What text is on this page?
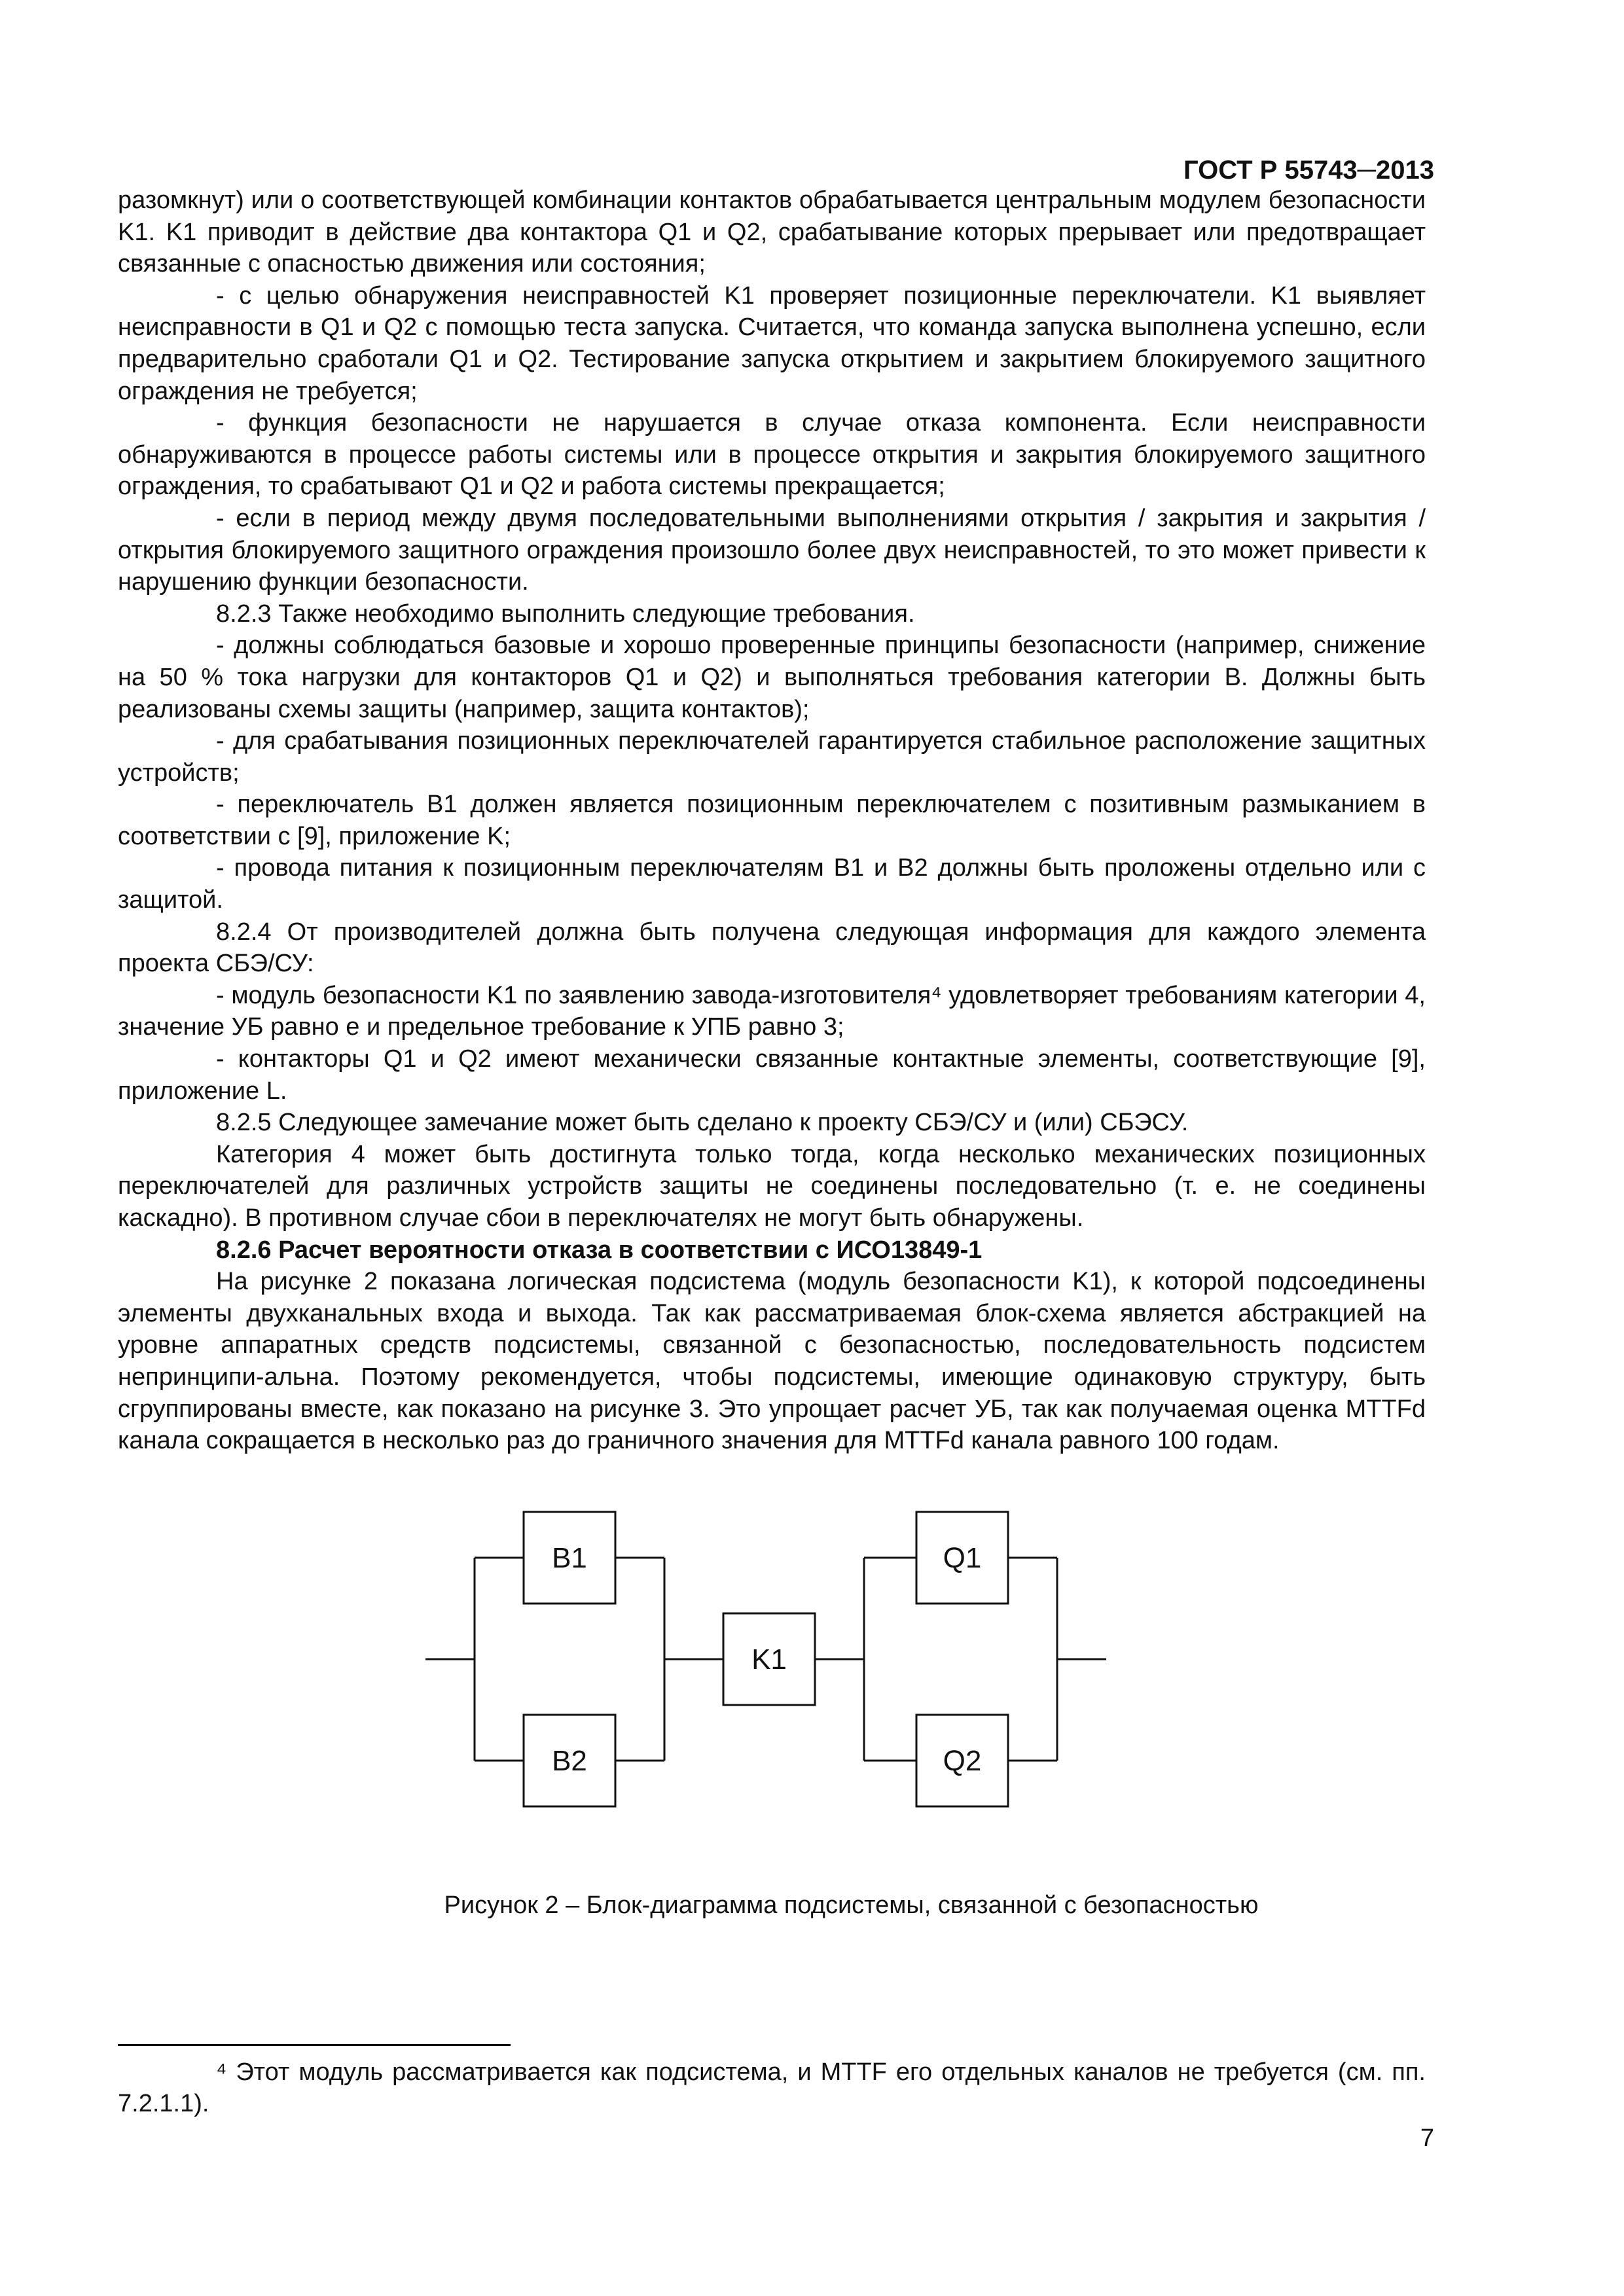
ГОСТ Р 55743─2013

разомкнут) или о соответствующей комбинации контактов обрабатывается центральным модулем безопасности K1. K1 приводит в действие два контактора Q1 и Q2, срабатывание которых прерывает или предотвращает связанные с опасностью движения или состояния;

- с целью обнаружения неисправностей K1 проверяет позиционные переключатели. K1 выявляет неисправности в Q1 и Q2 с помощью теста запуска. Считается, что команда запуска выполнена успешно, если предварительно сработали Q1 и Q2. Тестирование запуска открытием и закрытием блокируемого защитного ограждения не требуется;

- функция безопасности не нарушается в случае отказа компонента. Если неисправности обнаруживаются в процессе работы системы или в процессе открытия и закрытия блокируемого защитного ограждения, то срабатывают Q1 и Q2 и работа системы прекращается;

- если в период между двумя последовательными выполнениями открытия / закрытия и закрытия / открытия блокируемого защитного ограждения произошло более двух неисправностей, то это может привести к нарушению функции безопасности.

8.2.3 Также необходимо выполнить следующие требования.

- должны соблюдаться базовые и хорошо проверенные принципы безопасности (например, снижение на 50 % тока нагрузки для контакторов Q1 и Q2) и выполняться требования категории B. Должны быть реализованы схемы защиты (например, защита контактов);

- для срабатывания позиционных переключателей гарантируется стабильное расположение защитных устройств;

- переключатель B1 должен является позиционным переключателем с позитивным размыканием в соответствии с [9], приложение K;

- провода питания к позиционным переключателям B1 и B2 должны быть проложены отдельно или с защитой.

8.2.4 От производителей должна быть получена следующая информация для каждого элемента проекта СБЭ/СУ:

- модуль безопасности K1 по заявлению завода-изготовителя⁴ удовлетворяет требованиям категории 4, значение УБ равно e и предельное требование к УПБ равно 3;

- контакторы Q1 и Q2 имеют механически связанные контактные элементы, соответствующие [9], приложение L.

8.2.5 Следующее замечание может быть сделано к проекту СБЭ/СУ и (или) СБЭСУ.

Категория 4 может быть достигнута только тогда, когда несколько механических позиционных переключателей для различных устройств защиты не соединены последовательно (т. е. не соединены каскадно). В противном случае сбои в переключателях не могут быть обнаружены.

8.2.6 Расчет вероятности отказа в соответствии с ИСО13849-1

На рисунке 2 показана логическая подсистема (модуль безопасности K1), к которой подсоединены элементы двухканальных входа и выхода. Так как рассматриваемая блок-схема является абстракцией на уровне аппаратных средств подсистемы, связанной с безопасностью, последовательность подсистем непринципи-альна. Поэтому рекомендуется, чтобы подсистемы, имеющие одинаковую структуру, быть сгруппированы вместе, как показано на рисунке 3. Это упрощает расчет УБ, так как получаемая оценка MTTFd канала сокращается в несколько раз до граничного значения для MTTFd канала равного 100 годам.

B1
B2
K1
Q1
Q2
Рисунок 2 – Блок-диаграмма подсистемы, связанной с безопасностью

⁴ Этот модуль рассматривается как подсистема, и MTTF его отдельных каналов не требуется (см. пп. 7.2.1.1).

7
